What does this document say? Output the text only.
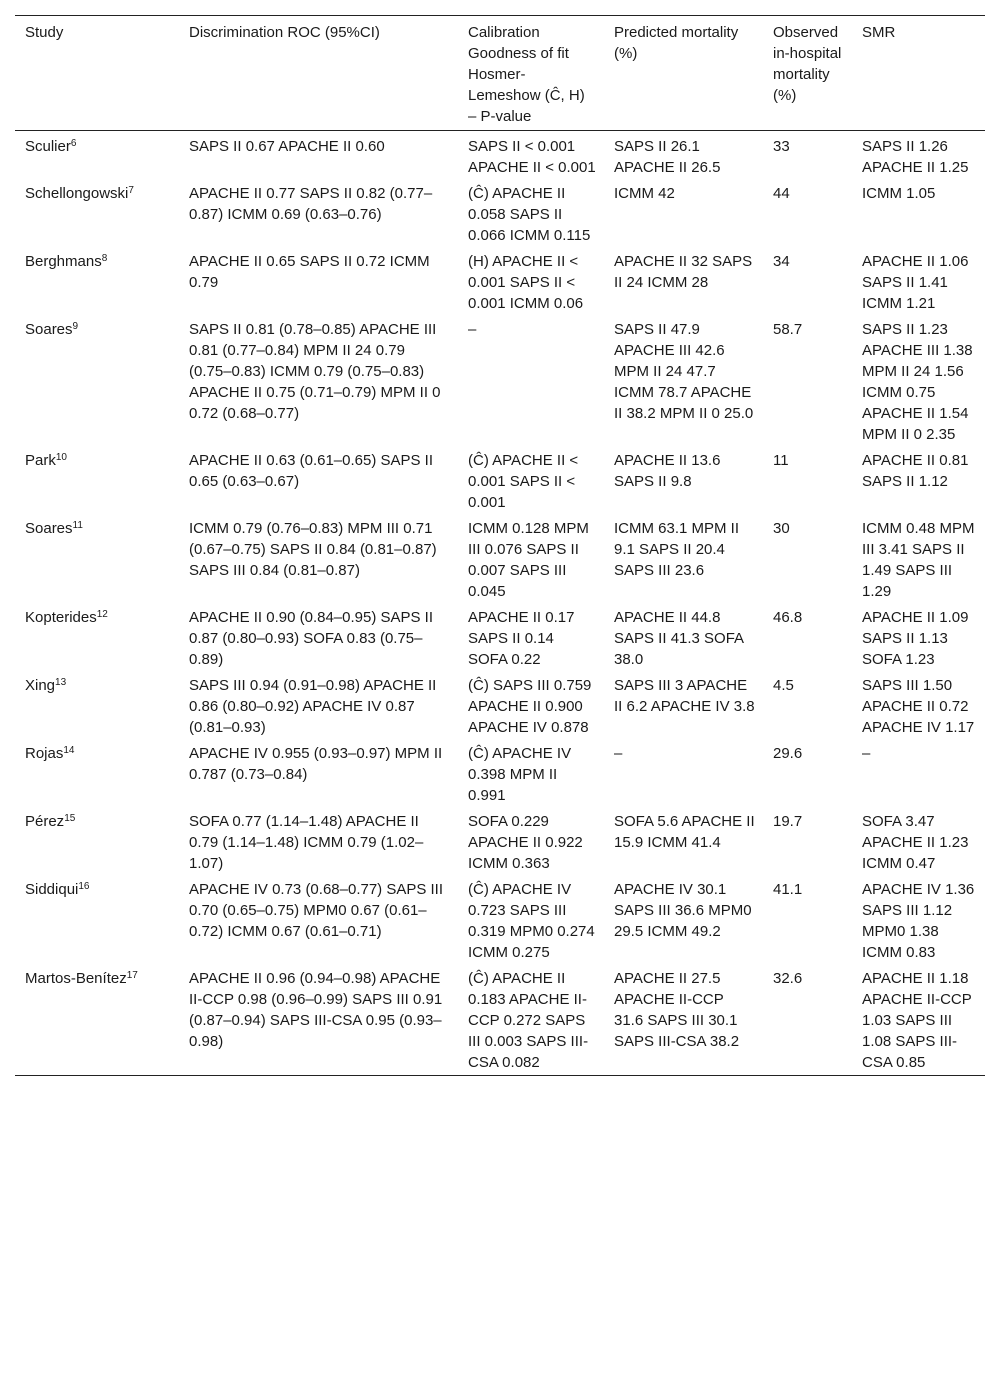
Study	Discrimination ROC (95%CI)	Calibration Goodness of fit Hosmer-Lemeshow (Ĉ, H) – P-value	Predicted mortality (%)	Observed in-hospital mortality (%)	SMR
Sculier$^6$	SAPS II 0.67 APACHE II 0.60	SAPS II < 0.001 APACHE II < 0.001	SAPS II 26.1 APACHE II 26.5	33	SAPS II 1.26 APACHE II 1.25
Schellongowski$^7$	APACHE II 0.77 SAPS II 0.82 (0.77–0.87) ICMM 0.69 (0.63–0.76)	(Ĉ) APACHE II 0.058 SAPS II 0.066 ICMM 0.115	ICMM 42	44	ICMM 1.05
Berghmans$^8$	APACHE II 0.65 SAPS II 0.72 ICMM 0.79	(H) APACHE II < 0.001 SAPS II < 0.001 ICMM 0.06	APACHE II 32 SAPS II 24 ICMM 28	34	APACHE II 1.06 SAPS II 1.41 ICMM 1.21
Soares$^9$	SAPS II 0.81 (0.78–0.85) APACHE III 0.81 (0.77–0.84) MPM II 24 0.79 (0.75–0.83) ICMM 0.79 (0.75–0.83) APACHE II 0.75 (0.71–0.79) MPM II 0 0.72 (0.68–0.77)	–	SAPS II 47.9 APACHE III 42.6 MPM II 24 47.7 ICMM 78.7 APACHE II 38.2 MPM II 0 25.0	58.7	SAPS II 1.23 APACHE III 1.38 MPM II 24 1.56 ICMM 0.75 APACHE II 1.54 MPM II 0 2.35
Park$^{10}$	APACHE II 0.63 (0.61–0.65) SAPS II 0.65 (0.63–0.67)	(Ĉ) APACHE II < 0.001 SAPS II < 0.001	APACHE II 13.6 SAPS II 9.8	11	APACHE II 0.81 SAPS II 1.12
Soares$^{11}$	ICMM 0.79 (0.76–0.83) MPM III 0.71 (0.67–0.75) SAPS II 0.84 (0.81–0.87) SAPS III 0.84 (0.81–0.87)	ICMM 0.128 MPM III 0.076 SAPS II 0.007 SAPS III 0.045	ICMM 63.1 MPM II 9.1 SAPS II 20.4 SAPS III 23.6	30	ICMM 0.48 MPM III 3.41 SAPS II 1.49 SAPS III 1.29
Kopterides$^{12}$	APACHE II 0.90 (0.84–0.95) SAPS II 0.87 (0.80–0.93) SOFA 0.83 (0.75–0.89)	APACHE II 0.17 SAPS II 0.14 SOFA 0.22	APACHE II 44.8 SAPS II 41.3 SOFA 38.0	46.8	APACHE II 1.09 SAPS II 1.13 SOFA 1.23
Xing$^{13}$	SAPS III 0.94 (0.91–0.98) APACHE II 0.86 (0.80–0.92) APACHE IV 0.87 (0.81–0.93)	(Ĉ) SAPS III 0.759 APACHE II 0.900 APACHE IV 0.878	SAPS III 3 APACHE II 6.2 APACHE IV 3.8	4.5	SAPS III 1.50 APACHE II 0.72 APACHE IV 1.17
Rojas$^{14}$	APACHE IV 0.955 (0.93–0.97) MPM II 0.787 (0.73–0.84)	(Ĉ) APACHE IV 0.398 MPM II 0.991	–	29.6	–
Pérez$^{15}$	SOFA 0.77 (1.14–1.48) APACHE II 0.79 (1.14–1.48) ICMM 0.79 (1.02–1.07)	SOFA 0.229 APACHE II 0.922 ICMM 0.363	SOFA 5.6 APACHE II 15.9 ICMM 41.4	19.7	SOFA 3.47 APACHE II 1.23 ICMM 0.47
Siddiqui$^{16}$	APACHE IV 0.73 (0.68–0.77) SAPS III 0.70 (0.65–0.75) MPM0 0.67 (0.61–0.72) ICMM 0.67 (0.61–0.71)	(Ĉ) APACHE IV 0.723 SAPS III 0.319 MPM0 0.274 ICMM 0.275	APACHE IV 30.1 SAPS III 36.6 MPM0 29.5 ICMM 49.2	41.1	APACHE IV 1.36 SAPS III 1.12 MPM0 1.38 ICMM 0.83
Martos-Benítez$^{17}$	APACHE II 0.96 (0.94–0.98) APACHE II-CCP 0.98 (0.96–0.99) SAPS III 0.91 (0.87–0.94) SAPS III-CSA 0.95 (0.93–0.98)	(Ĉ) APACHE II 0.183 APACHE II-CCP 0.272 SAPS III 0.003 SAPS III-CSA 0.082	APACHE II 27.5 APACHE II-CCP 31.6 SAPS III 30.1 SAPS III-CSA 38.2	32.6	APACHE II 1.18 APACHE II-CCP 1.03 SAPS III 1.08 SAPS III-CSA 0.85
